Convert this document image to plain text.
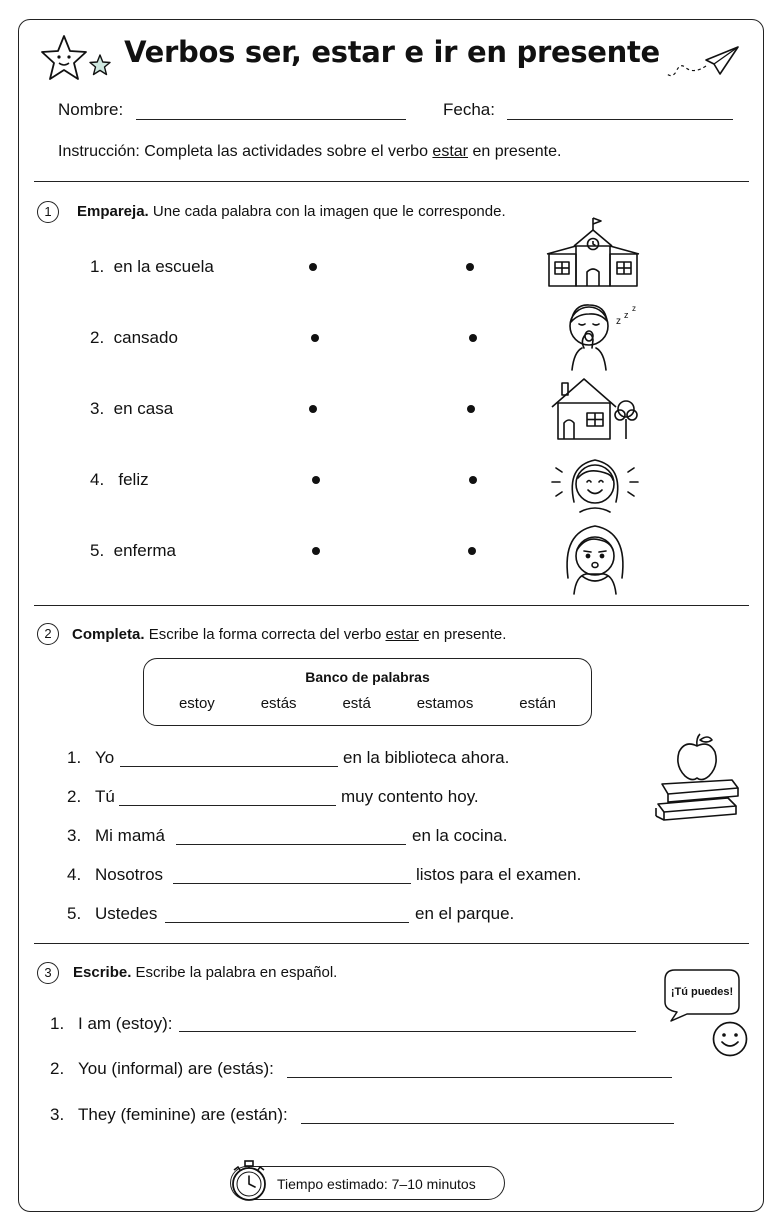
Verbos ser, estar e ir en presente
Nombre:	Fecha:
Instrucción: Completa las actividades sobre el verbo estar en presente.
1	Empareja. Une cada palabra con la imagen que le corresponde.
1. en la escuela
2. cansado
3. en casa
4. feliz
5. enferma
z
z
z
2	Completa. Escribe la forma correcta del verbo estar en presente.
Banco de palabras
estoy	estás	está	estamos	están
1. Yo	en la biblioteca ahora.
2. Tú	muy contento hoy.
3. Mi mamá	en la cocina.
4. Nosotros	listos para el examen.
5. Ustedes	en el parque.
3	Escribe. Escribe la palabra en español.
1. I am (estoy):
2. You (informal) are (estás):
3. They (feminine) are (están):
¡Tú puedes!
Tiempo estimado: 7–10 minutos
